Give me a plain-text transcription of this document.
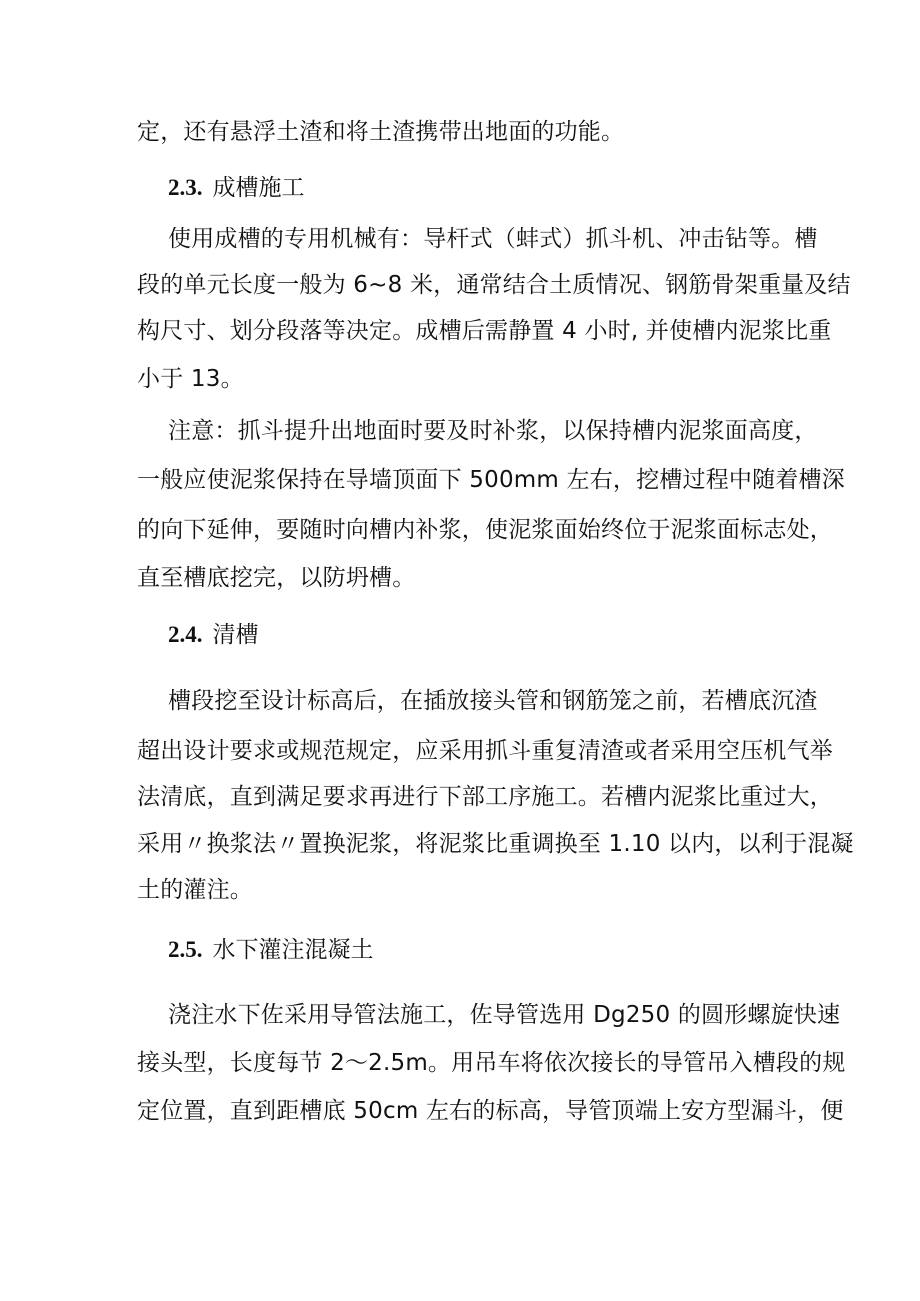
定，还有悬浮土渣和将土渣携带出地面的功能。
2.3. 成槽施工
使用成槽的专用机械有：导杆式（蚌式）抓斗机、冲击钻等。槽
段的单元长度一般为 6~8 米，通常结合土质情况、钢筋骨架重量及结
构尺寸、划分段落等决定。成槽后需静置 4 小时, 并使槽内泥浆比重
小于 13。
注意：抓斗提升出地面时要及时补浆，以保持槽内泥浆面高度，
一般应使泥浆保持在导墙顶面下 500mm 左右，挖槽过程中随着槽深
的向下延伸，要随时向槽内补浆，使泥浆面始终位于泥浆面标志处，
直至槽底挖完，以防坍槽。
2.4. 清槽
槽段挖至设计标高后，在插放接头管和钢筋笼之前，若槽底沉渣
超出设计要求或规范规定，应采用抓斗重复清渣或者采用空压机气举
法清底，直到满足要求再进行下部工序施工。若槽内泥浆比重过大，
采用〃换浆法〃置换泥浆，将泥浆比重调换至 1.10 以内，以利于混凝
土的灌注。
2.5. 水下灌注混凝土
浇注水下佐采用导管法施工，佐导管选用 Dg250 的圆形螺旋快速
接头型，长度每节 2～2.5m。用吊车将依次接长的导管吊入槽段的规
定位置，直到距槽底 50cm 左右的标高，导管顶端上安方型漏斗，便
